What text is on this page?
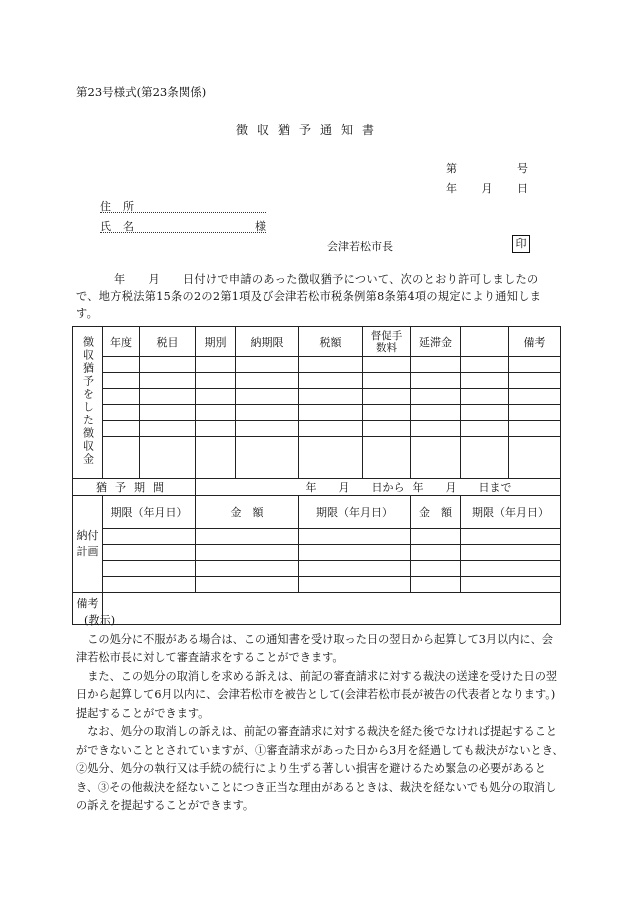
第23号様式(第23条関係)
徴収猶予通知書
第	号
年 月 日
住所
氏名	様
会津若松市長	印
年　　月　　日付けで申請のあった徴収猶予について、次のとおり許可しましたので、地方税法第15条の2の2第1項及び会津若松市税条例第8条第4項の規定により通知します。
徴収猶予をした徴収金	年度	税目	期別	納期限	税額	督促手数料	延滞金		備考	

猶予期間			年　　月　　日から				年　　月　　日まで			
納付計画	期限（年月日）		金　額		期限（年月日）		金　額	期限（年月日）	

備考										

(教示)

この処分に不服がある場合は、この通知書を受け取った日の翌日から起算して3月以内に、会津若松市長に対して審査請求をすることができます。

また、この処分の取消しを求める訴えは、前記の審査請求に対する裁決の送達を受けた日の翌日から起算して6月以内に、会津若松市を被告として(会津若松市長が被告の代表者となります。)提起することができます。

なお、処分の取消しの訴えは、前記の審査請求に対する裁決を経た後でなければ提起することができないこととされていますが、①審査請求があった日から3月を経過しても裁決がないとき、②処分、処分の執行又は手続の続行により生ずる著しい損害を避けるため緊急の必要があるとき、③その他裁決を経ないことにつき正当な理由があるときは、裁決を経ないでも処分の取消しの訴えを提起することができます。
